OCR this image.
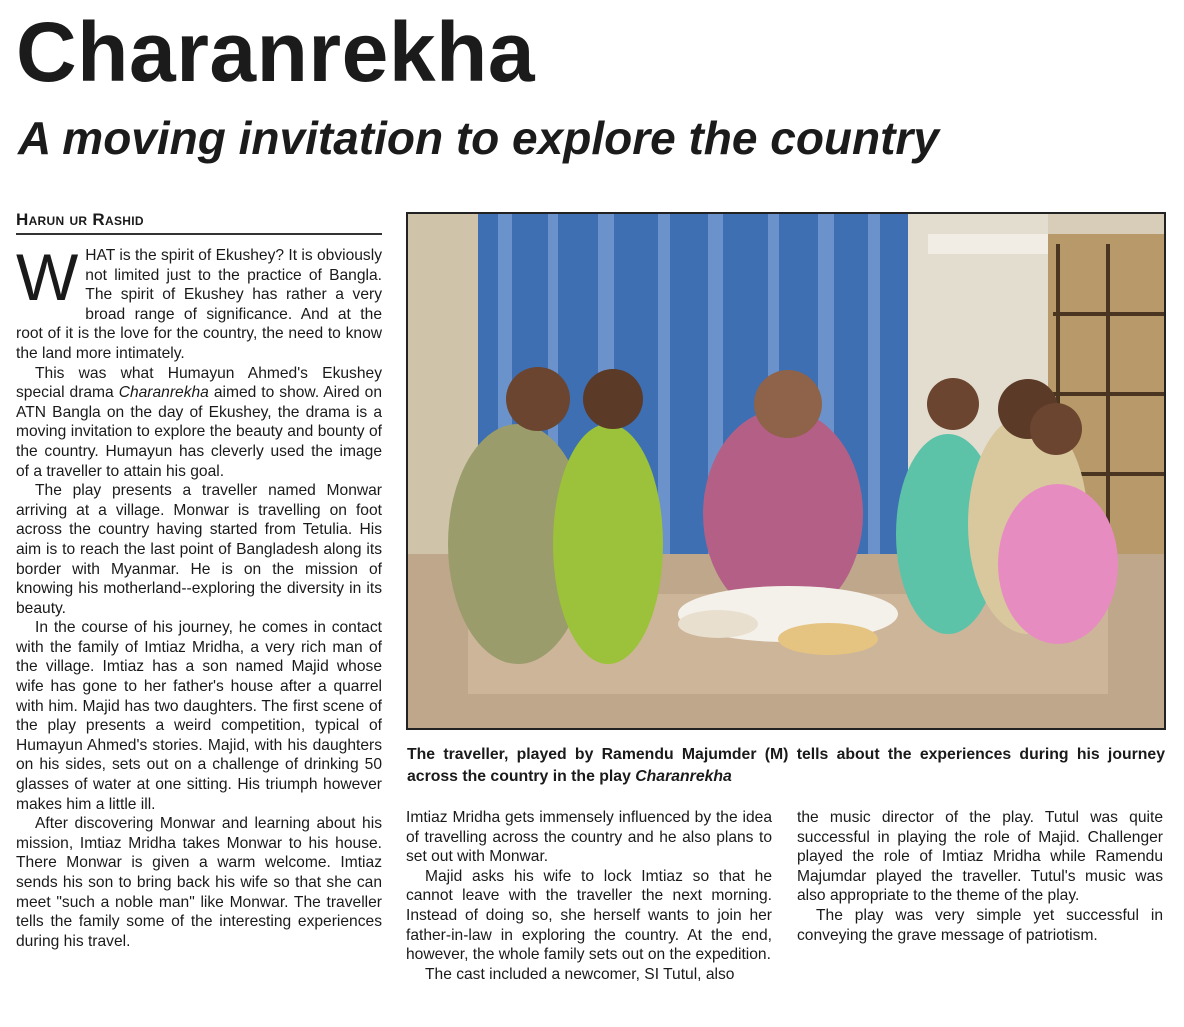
Charanrekha
A moving invitation to explore the country
Harun ur Rashid

WHAT is the spirit of Ekushey? It is obviously not limited just to the practice of Bangla. The spirit of Ekushey has rather a very broad range of significance. And at the root of it is the love for the country, the need to know the land more intimately.

This was what Humayun Ahmed's Ekushey special drama Charanrekha aimed to show. Aired on ATN Bangla on the day of Ekushey, the drama is a moving invitation to explore the beauty and bounty of the country. Humayun has cleverly used the image of a traveller to attain his goal.

The play presents a traveller named Monwar arriving at a village. Monwar is travelling on foot across the country having started from Tetulia. His aim is to reach the last point of Bangladesh along its border with Myanmar. He is on the mission of knowing his motherland--exploring the diversity in its beauty.

In the course of his journey, he comes in contact with the family of Imtiaz Mridha, a very rich man of the village. Imtiaz has a son named Majid whose wife has gone to her father's house after a quarrel with him. Majid has two daughters. The first scene of the play presents a weird competition, typical of Humayun Ahmed's stories. Majid, with his daughters on his sides, sets out on a challenge of drinking 50 glasses of water at one sitting. His triumph however makes him a little ill.

After discovering Monwar and learning about his mission, Imtiaz Mridha takes Monwar to his house. There Monwar is given a warm welcome. Imtiaz sends his son to bring back his wife so that she can meet "such a noble man" like Monwar. The traveller tells the family some of the interesting experiences during his travel.

The traveller, played by Ramendu Majumder (M) tells about the experiences during his journey across the country in the play Charanrekha

Imtiaz Mridha gets immensely influenced by the idea of travelling across the country and he also plans to set out with Monwar.

Majid asks his wife to lock Imtiaz so that he cannot leave with the traveller the next morning. Instead of doing so, she herself wants to join her father-in-law in exploring the country. At the end, however, the whole family sets out on the expedition.

The cast included a newcomer, SI Tutul, also

the music director of the play. Tutul was quite successful in playing the role of Majid. Challenger played the role of Imtiaz Mridha while Ramendu Majumdar played the traveller. Tutul's music was also appropriate to the theme of the play.

The play was very simple yet successful in conveying the grave message of patriotism.
